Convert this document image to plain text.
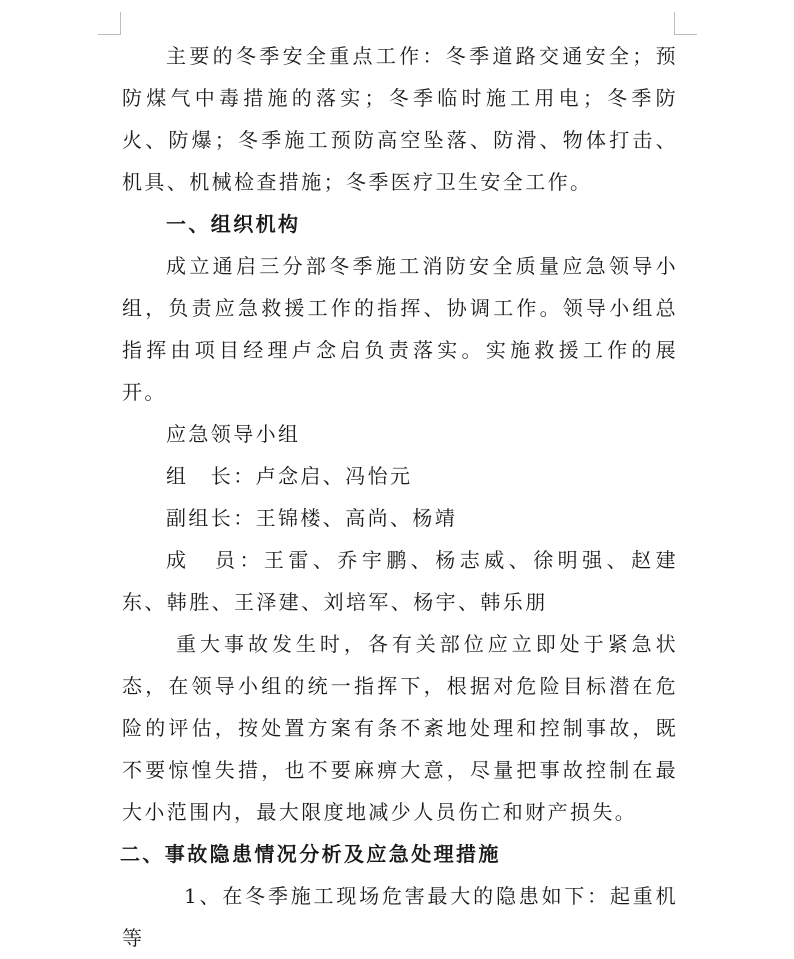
主要的冬季安全重点工作：冬季道路交通安全；预防煤气中毒措施的落实；冬季临时施工用电；冬季防火、防爆；冬季施工预防高空坠落、防滑、物体打击、机具、机械检查措施；冬季医疗卫生安全工作。

一、组织机构

成立通启三分部冬季施工消防安全质量应急领导小组，负责应急救援工作的指挥、协调工作。领导小组总指挥由项目经理卢念启负责落实。实施救援工作的展开。

应急领导小组

组　长：卢念启、冯怡元

副组长：王锦楼、高尚、杨靖

成　员：王雷、乔宇鹏、杨志威、徐明强、赵建东、韩胜、王泽建、刘培军、杨宇、韩乐朋

重大事故发生时，各有关部位应立即处于紧急状态，在领导小组的统一指挥下，根据对危险目标潜在危险的评估，按处置方案有条不紊地处理和控制事故，既不要惊惶失措，也不要麻痹大意，尽量把事故控制在最大小范围内，最大限度地减少人员伤亡和财产损失。

二、事故隐患情况分析及应急处理措施

1、在冬季施工现场危害最大的隐患如下：起重机等
